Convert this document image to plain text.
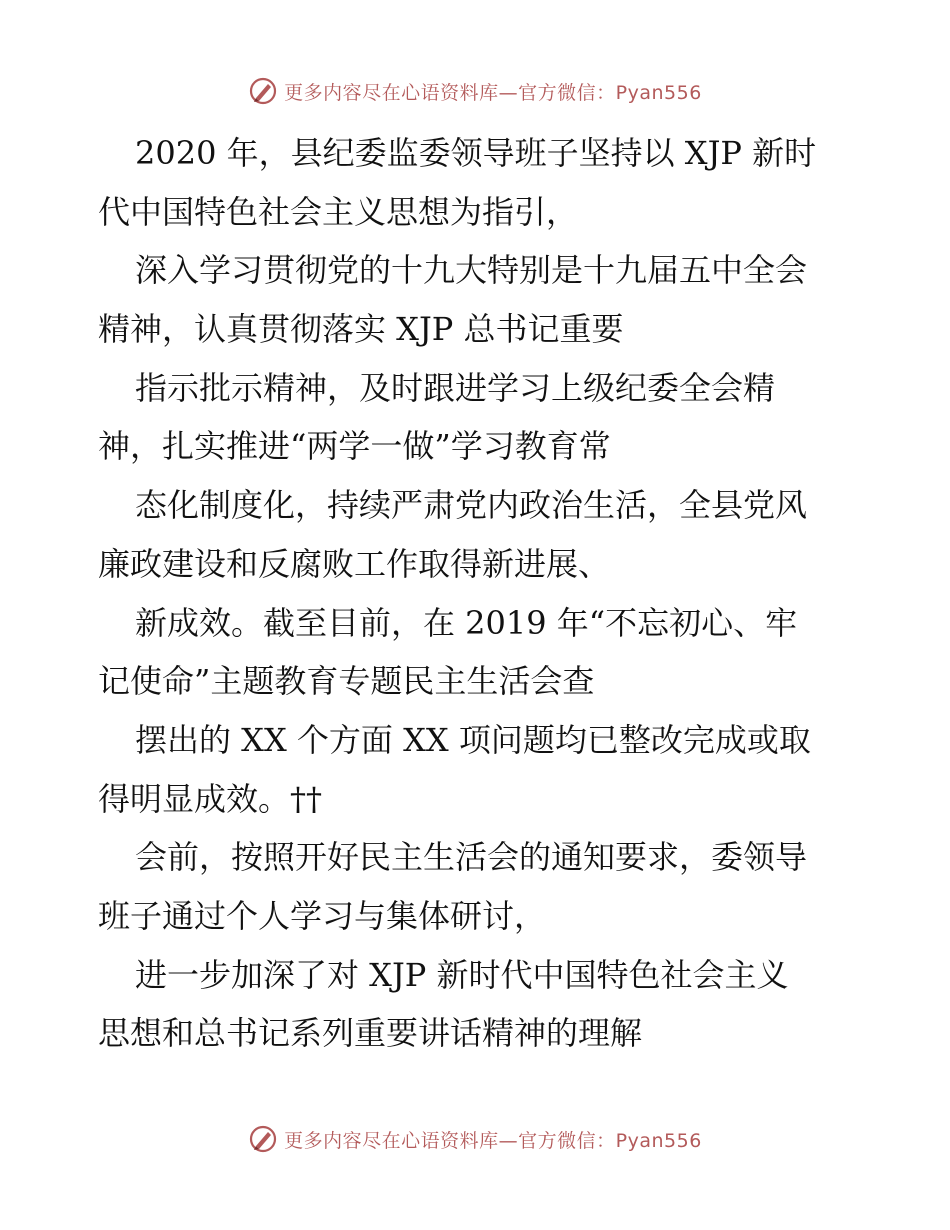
更多内容尽在心语资料库—官方微信：Pyan556
2020 年，县纪委监委领导班子坚持以 XJP 新时
代中国特色社会主义思想为指引，
深入学习贯彻党的十九大特别是十九届五中全会
精神，认真贯彻落实 XJP 总书记重要
指示批示精神，及时跟进学习上级纪委全会精
神，扎实推进“两学一做”学习教育常
态化制度化，持续严肃党内政治生活，全县党风
廉政建设和反腐败工作取得新进展、
新成效。截至目前，在 2019 年“不忘初心、牢
记使命”主题教育专题民主生活会查
摆出的 XX 个方面 XX 项问题均已整改完成或取
得明显成效。††
会前，按照开好民主生活会的通知要求，委领导
班子通过个人学习与集体研讨，
进一步加深了对 XJP 新时代中国特色社会主义
思想和总书记系列重要讲话精神的理解
更多内容尽在心语资料库—官方微信：Pyan556
